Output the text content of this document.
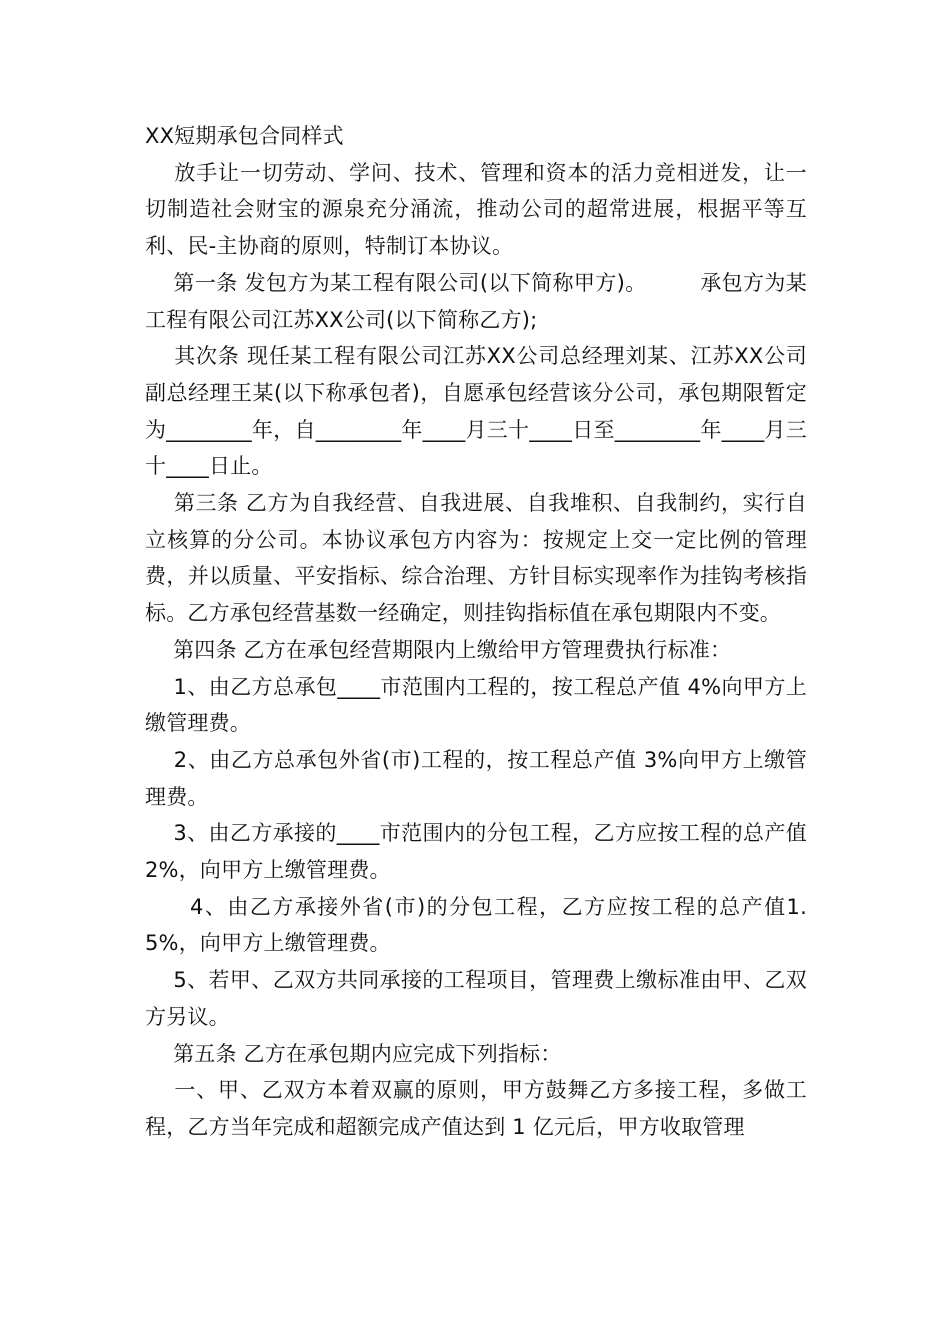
XX短期承包合同样式

　 放手让一切劳动、学问、技术、管理和资本的活力竞相迸发，让一切制造社会财宝的源泉充分涌流，推动公司的超常进展，根据平等互利、民-主协商的原则，特制订本协议。

　 第一条 发包方为某工程有限公司(以下简称甲方)。　　　承包方为某工程有限公司江苏XX公司(以下简称乙方);

　 其次条 现任某工程有限公司江苏XX公司总经理刘某、江苏XX公司副总经理王某(以下称承包者)，自愿承包经营该分公司，承包期限暂定为________年，自________年____月三十____日至________年____月三十____日止。

　 第三条 乙方为自我经营、自我进展、自我堆积、自我制约，实行自立核算的分公司。本协议承包方内容为：按规定上交一定比例的管理费，并以质量、平安指标、综合治理、方针目标实现率作为挂钩考核指标。乙方承包经营基数一经确定，则挂钩指标值在承包期限内不变。

　 第四条 乙方在承包经营期限内上缴给甲方管理费执行标准：

　 1、由乙方总承包____市范围内工程的，按工程总产值 4%向甲方上缴管理费。

　 2、由乙方总承包外省(市)工程的，按工程总产值 3%向甲方上缴管理费。

　 3、由乙方承接的____市范围内的分包工程，乙方应按工程的总产值 2%，向甲方上缴管理费。

　　4、由乙方承接外省(市)的分包工程，乙方应按工程的总产值1.5%，向甲方上缴管理费。

　 5、若甲、乙双方共同承接的工程项目，管理费上缴标准由甲、乙双方另议。

　 第五条 乙方在承包期内应完成下列指标：

　 一、甲、乙双方本着双赢的原则，甲方鼓舞乙方多接工程，多做工程，乙方当年完成和超额完成产值达到 1 亿元后，甲方收取管理
